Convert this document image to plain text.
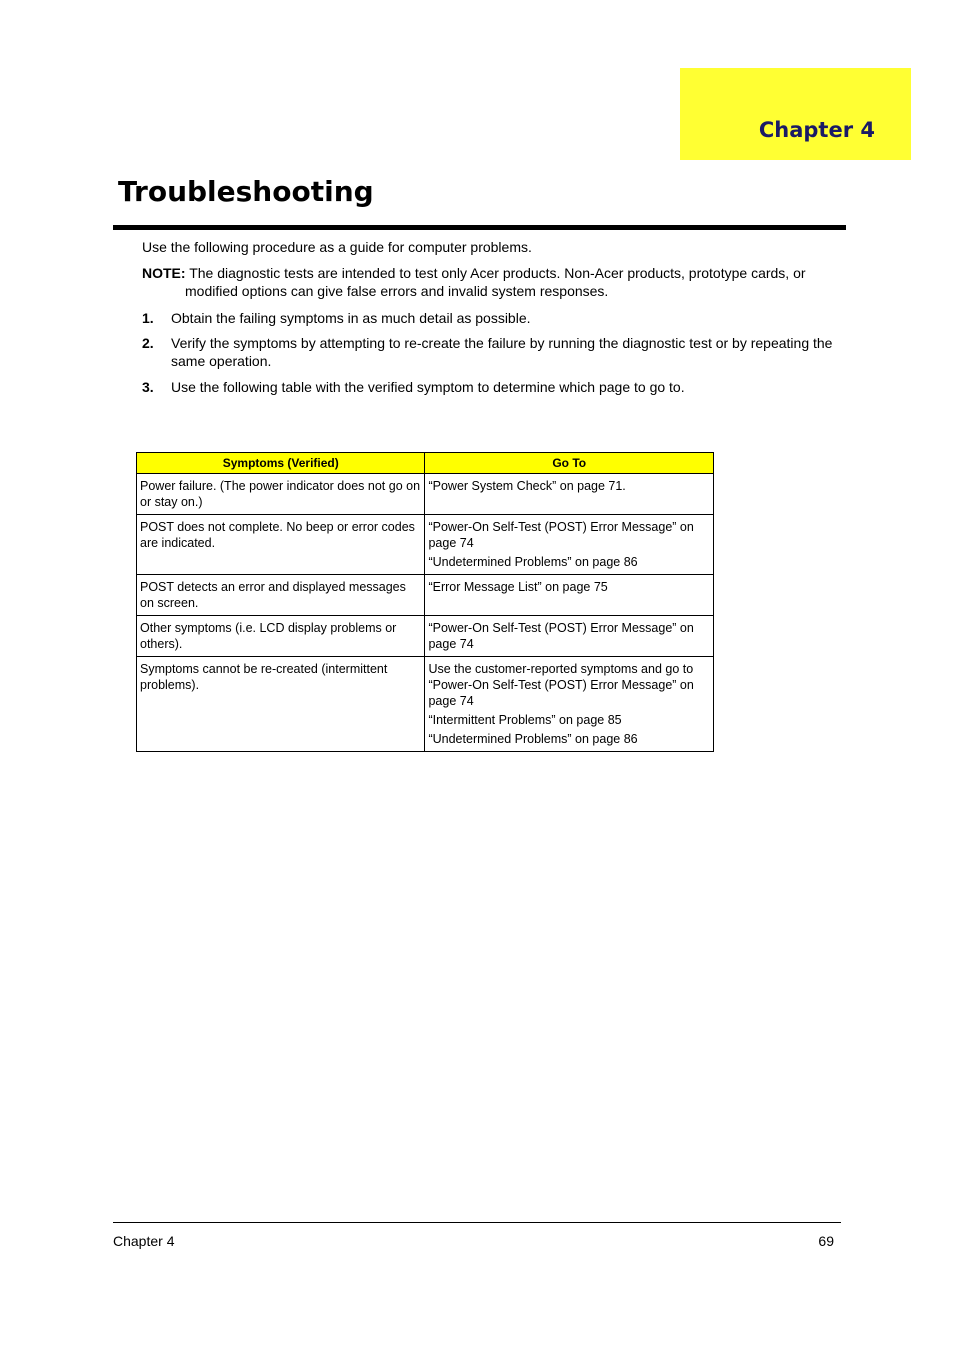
Chapter 4
Troubleshooting
Use the following procedure as a guide for computer problems.
NOTE: The diagnostic tests are intended to test only Acer products. Non-Acer products, prototype cards, or
modified options can give false errors and invalid system responses.
1.	Obtain the failing symptoms in as much detail as possible.
2.	Verify the symptoms by attempting to re-create the failure by running the diagnostic test or by repeating the same operation.
3.	Use the following table with the verified symptom to determine which page to go to.
Symptoms (Verified)	Go To
Power failure. (The power indicator does not go on or stay on.)	“Power System Check” on page 71.

POST does not complete. No beep or error codes are indicated.	“Power-On Self-Test (POST) Error Message” on page 74
“Undetermined Problems” on page 86

POST detects an error and displayed messages on screen.	“Error Message List” on page 75

Other symptoms (i.e. LCD display problems or others).	“Power-On Self-Test (POST) Error Message” on page 74

Symptoms cannot be re-created (intermittent problems).	Use the customer-reported symptoms and go to “Power-On Self-Test (POST) Error Message” on page 74
“Intermittent Problems” on page 85
“Undetermined Problems” on page 86
Chapter 4	69
